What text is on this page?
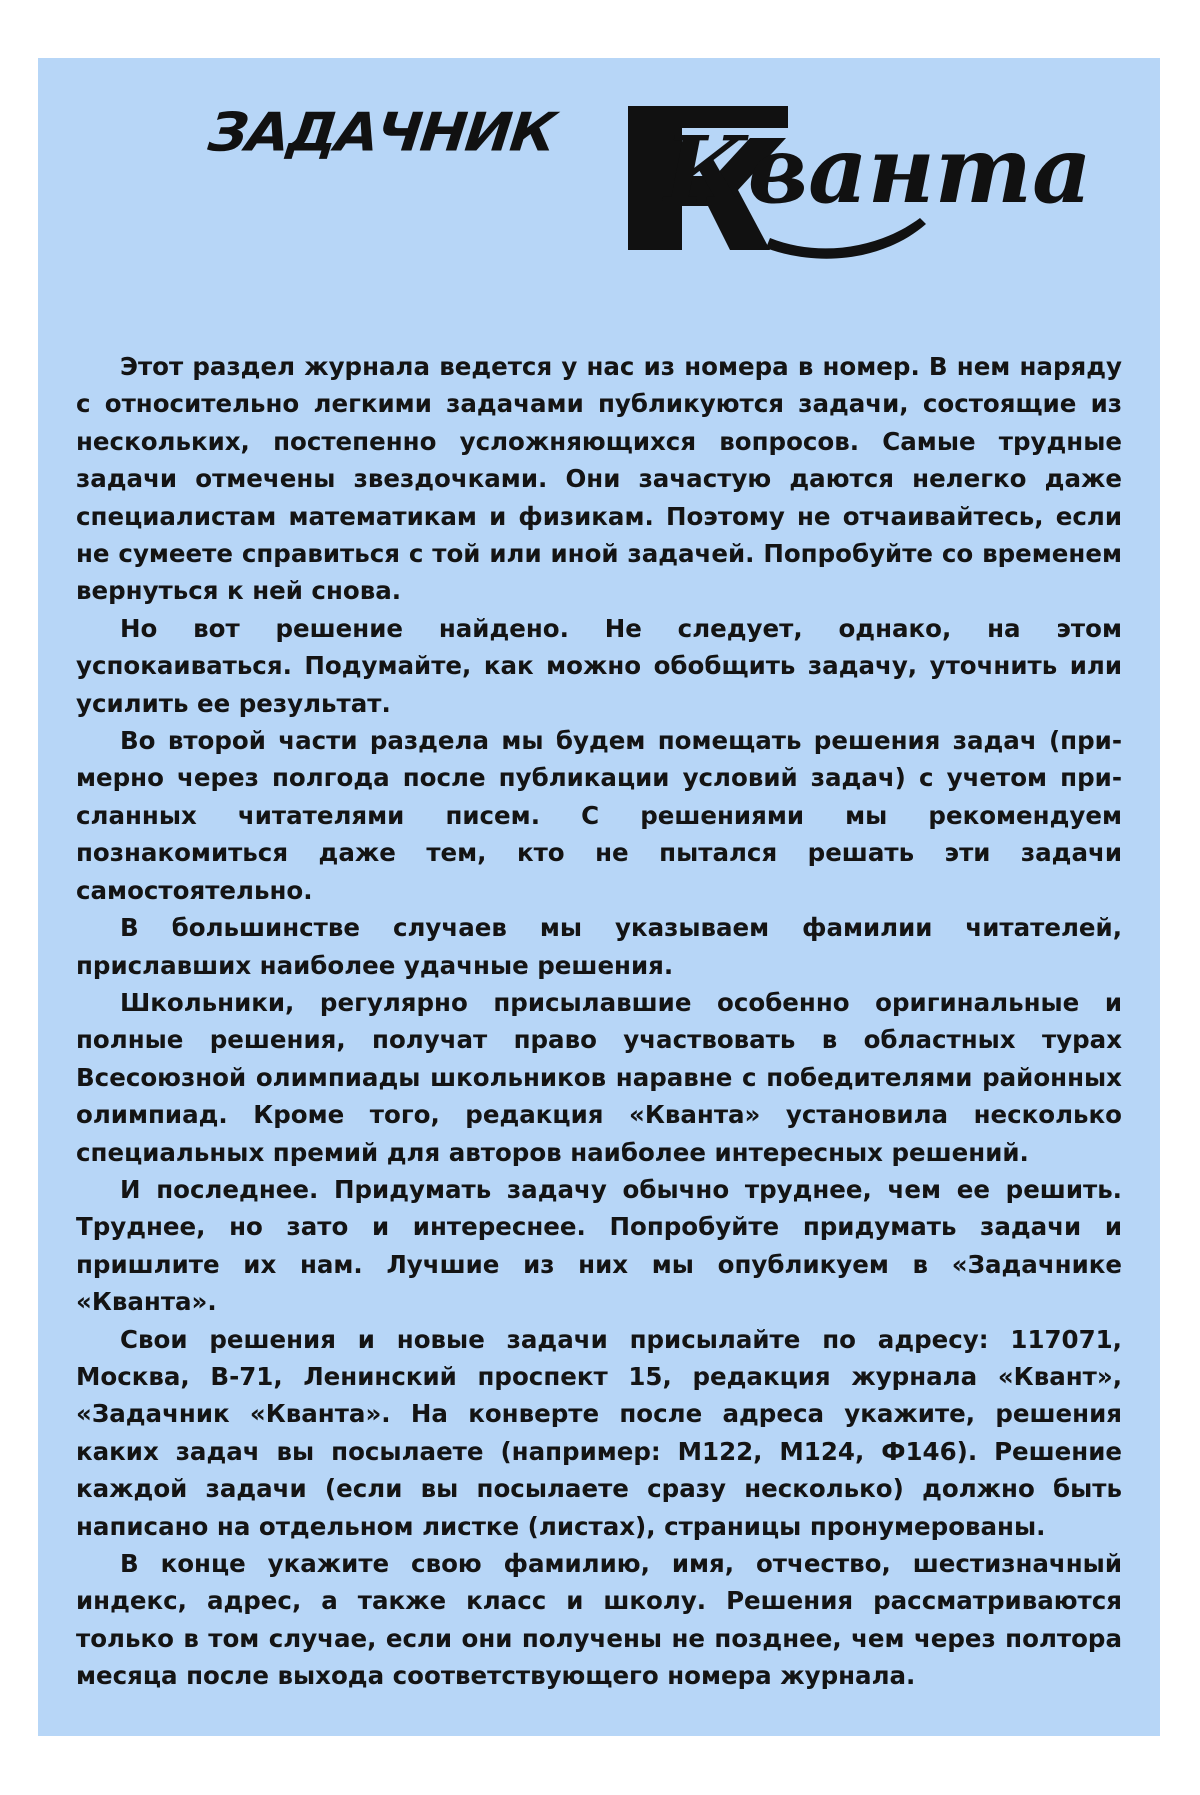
ЗАДАЧНИК Кванта

Этот раздел журнала ведется у нас из номера в номер. В нем наряду с относительно легкими задачами публикуются задачи, состоящие из нескольких, постепенно усложняющихся вопросов. Самые трудные задачи отмечены звездочками. Они зачастую даются нелегко даже специалистам математикам и физикам. Поэтому не отчаивайтесь, если не сумеете справиться с той или иной задачей. Попробуйте со временем вернуться к ней снова.

Но вот решение найдено. Не следует, однако, на этом успокаиваться. Подумайте, как можно обобщить задачу, уточнить или усилить ее результат.

Во второй части раздела мы будем помещать решения задач (примерно через полгода после публикации условий задач) с учетом присланных читателями писем. С решениями мы рекомендуем познакомиться даже тем, кто не пытался решать эти задачи самостоятельно.

В большинстве случаев мы указываем фамилии читателей, приславших наиболее удачные решения.

Школьники, регулярно присылавшие особенно оригинальные и полные решения, получат право участвовать в областных турах Всесоюзной олимпиады школьников наравне с победителями районных олимпиад. Кроме того, редакция «Кванта» установила несколько специальных премий для авторов наиболее интересных решений.

И последнее. Придумать задачу обычно труднее, чем ее решить. Труднее, но зато и интереснее. Попробуйте придумать задачи и пришлите их нам. Лучшие из них мы опубликуем в «Задачнике «Кванта».

Свои решения и новые задачи присылайте по адресу: 117071, Москва, В-71, Ленинский проспект 15, редакция журнала «Квант», «Задачник «Кванта». На конверте после адреса укажите, решения каких задач вы посылаете (например: М122, М124, Ф146). Решение каждой задачи (если вы посылаете сразу несколько) должно быть написано на отдельном листке (листах), страницы пронумерованы.

В конце укажите свою фамилию, имя, отчество, шестизначный индекс, адрес, а также класс и школу. Решения рассматриваются только в том случае, если они получены не позднее, чем через полтора месяца после выхода соответствующего номера журнала.
